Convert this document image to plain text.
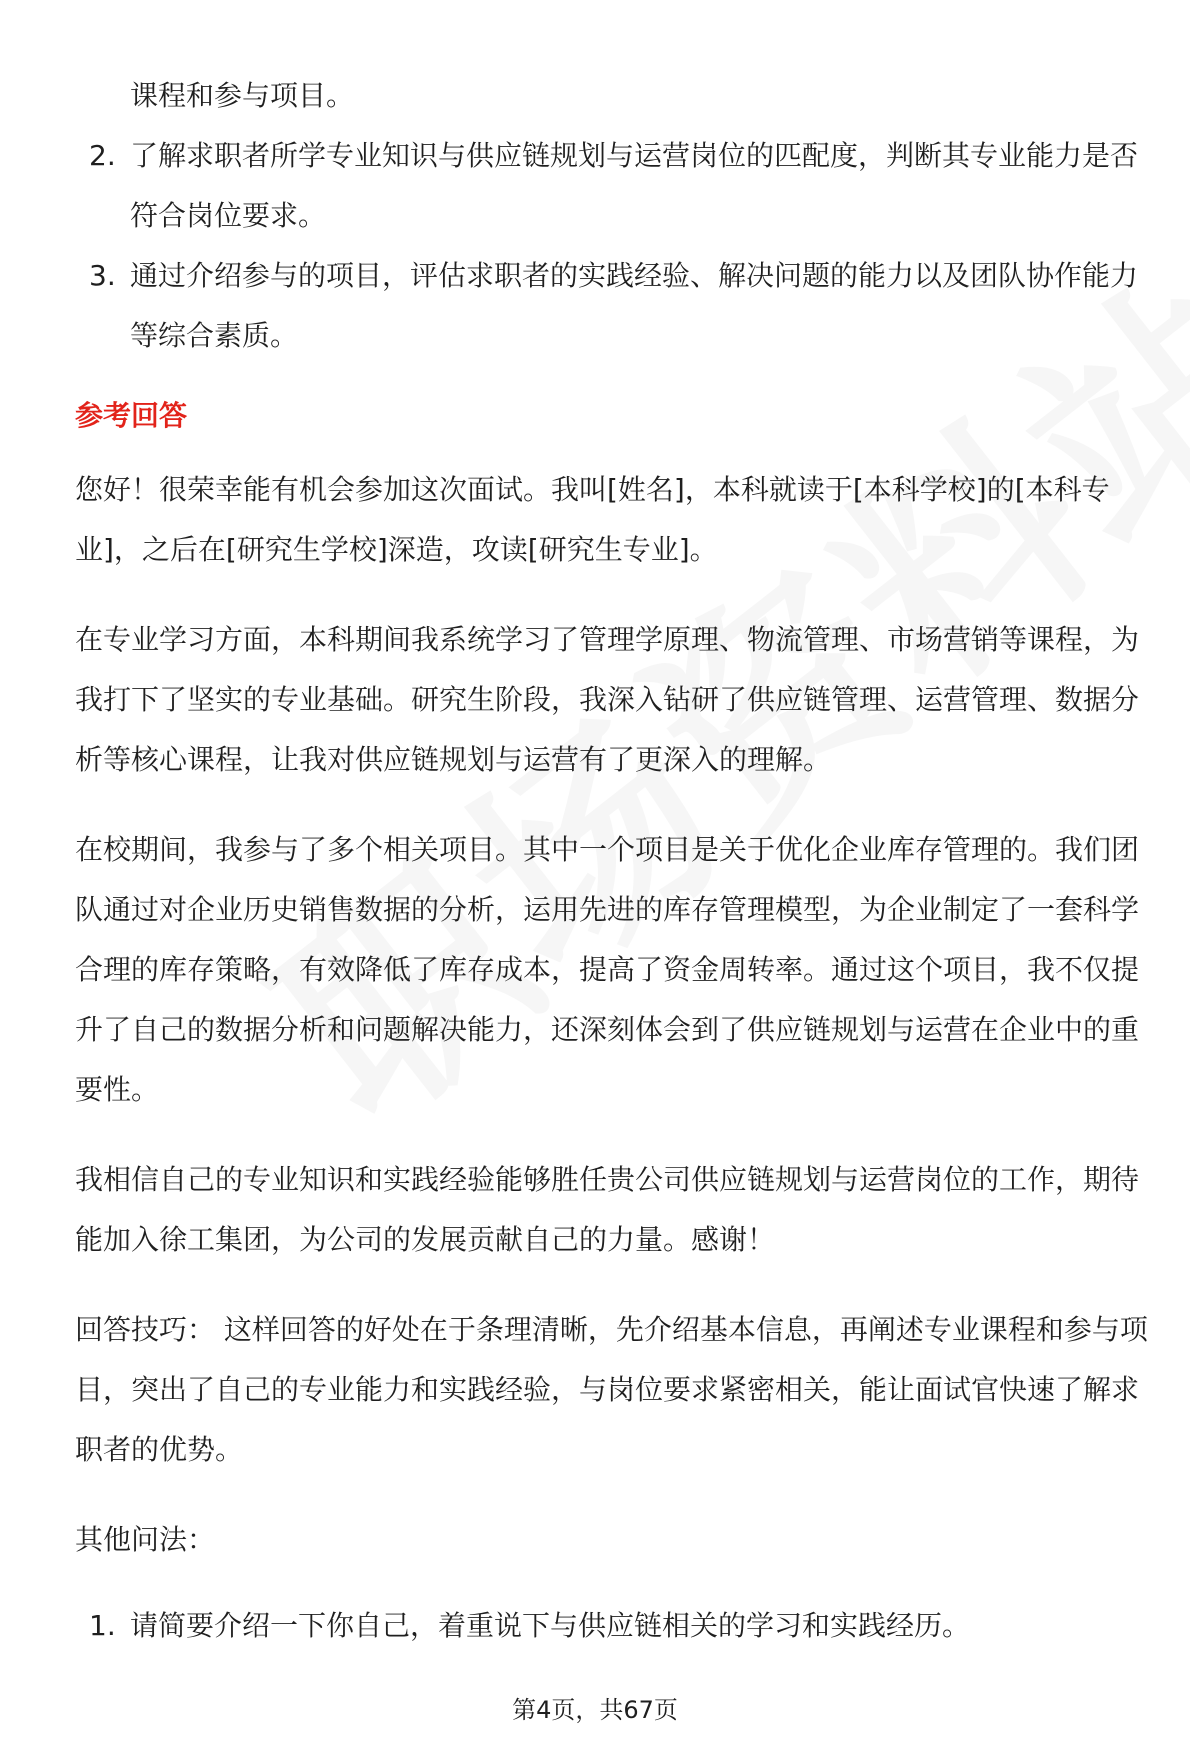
课程和参与项目。

2. 了解求职者所学专业知识与供应链规划与运营岗位的匹配度，判断其专业能力是否符合岗位要求。
3. 通过介绍参与的项目，评估求职者的实践经验、解决问题的能力以及团队协作能力等综合素质。
参考回答

您好！很荣幸能有机会参加这次面试。我叫[姓名]，本科就读于[本科学校]的[本科专业]，之后在[研究生学校]深造，攻读[研究生专业]。

在专业学习方面，本科期间我系统学习了管理学原理、物流管理、市场营销等课程，为我打下了坚实的专业基础。研究生阶段，我深入钻研了供应链管理、运营管理、数据分析等核心课程，让我对供应链规划与运营有了更深入的理解。

在校期间，我参与了多个相关项目。其中一个项目是关于优化企业库存管理的。我们团队通过对企业历史销售数据的分析，运用先进的库存管理模型，为企业制定了一套科学合理的库存策略，有效降低了库存成本，提高了资金周转率。通过这个项目，我不仅提升了自己的数据分析和问题解决能力，还深刻体会到了供应链规划与运营在企业中的重要性。

我相信自己的专业知识和实践经验能够胜任贵公司供应链规划与运营岗位的工作，期待能加入徐工集团，为公司的发展贡献自己的力量。感谢！

回答技巧： 这样回答的好处在于条理清晰，先介绍基本信息，再阐述专业课程和参与项目，突出了自己的专业能力和实践经验，与岗位要求紧密相关，能让面试官快速了解求职者的优势。

其他问法：

1. 请简要介绍一下你自己，着重说下与供应链相关的学习和实践经历。
第4页，共67页
